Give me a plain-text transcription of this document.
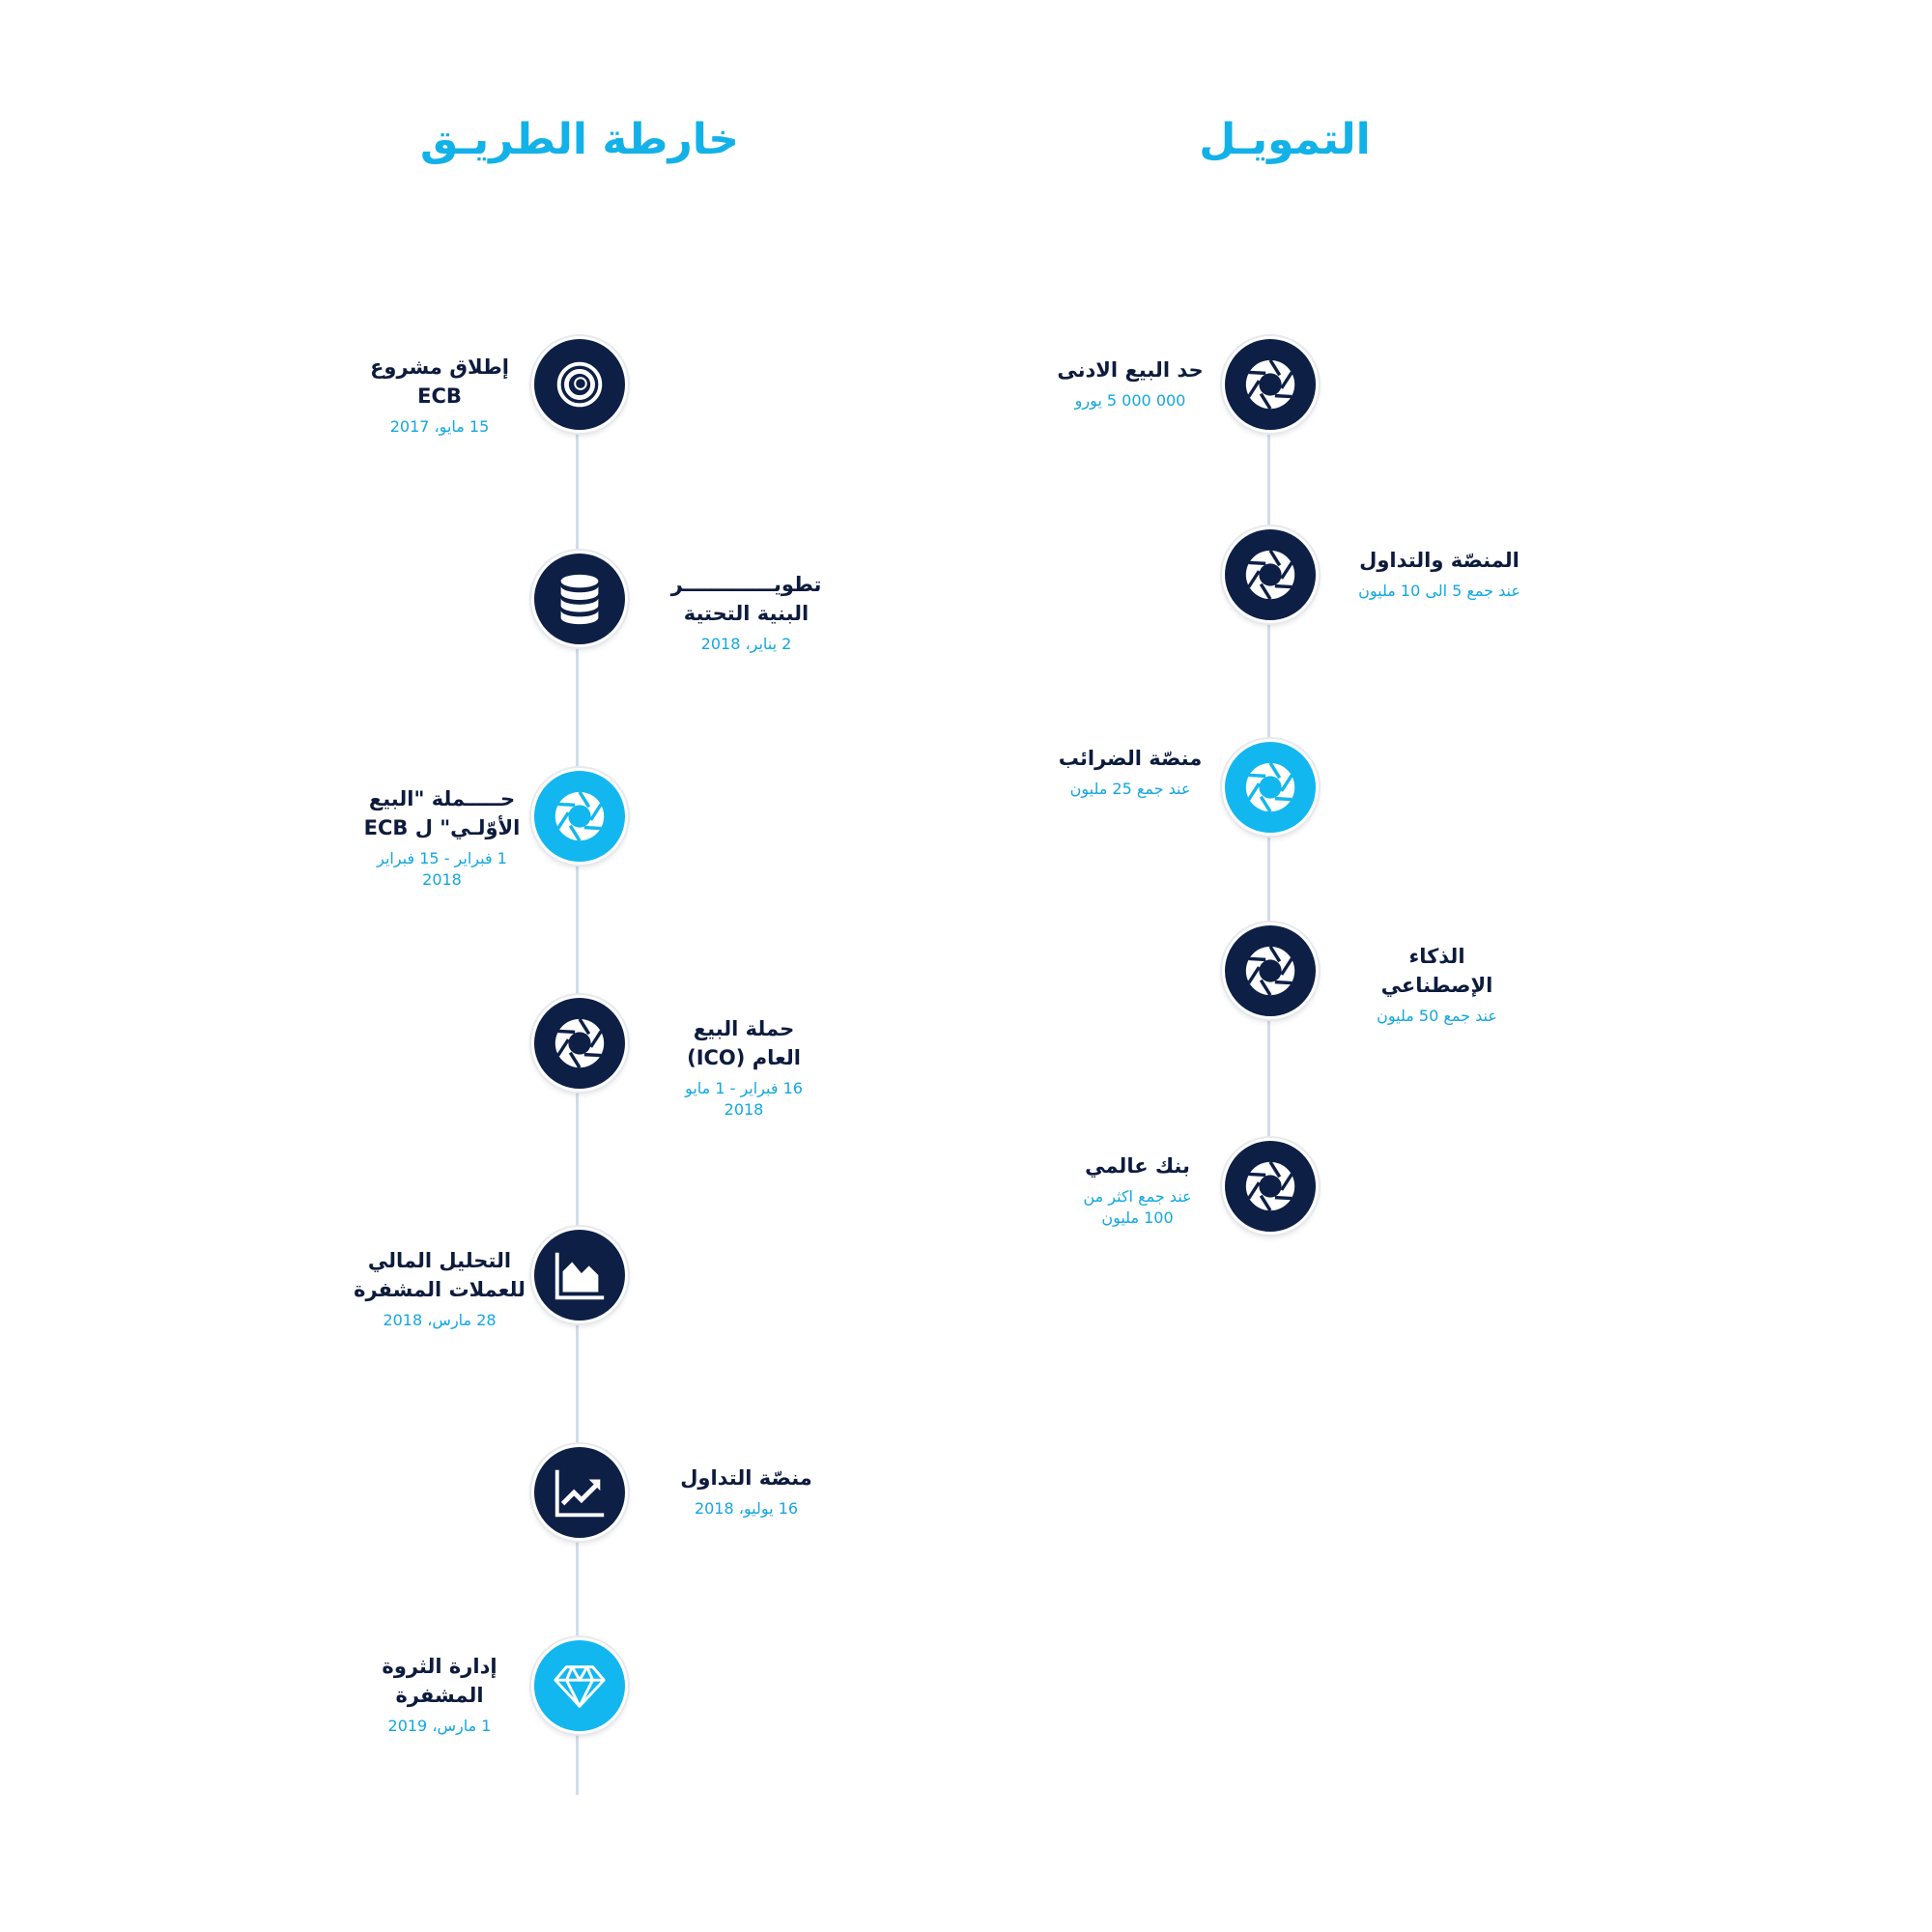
خارطة الطريـق	التمويـل
إطلاق مشروع ECB
15 مايو، 2017
تطويـــــــــــــر البنية التحتية
2 يناير، 2018
حـــــملة "البيع الأوّلـي" ل ECB
1 فبراير - 15 فبراير 2018
حملة البيع العام (ICO)
16 فبراير - 1 مايو 2018
التحليل المالي للعملات المشفرة
28 مارس، 2018
منصّة التداول
16 يوليو، 2018
إدارة الثروة المشفرة
1 مارس، 2019
حد البيع الادنى
000 000 5 يورو
المنصّة والتداول
عند جمع 5 الى 10 مليون
منصّة الضرائب
عند جمع 25 مليون
الذكاء الإصطناعي
عند جمع 50 مليون
بنك عالمي
عند جمع اكثر من 100 مليون
